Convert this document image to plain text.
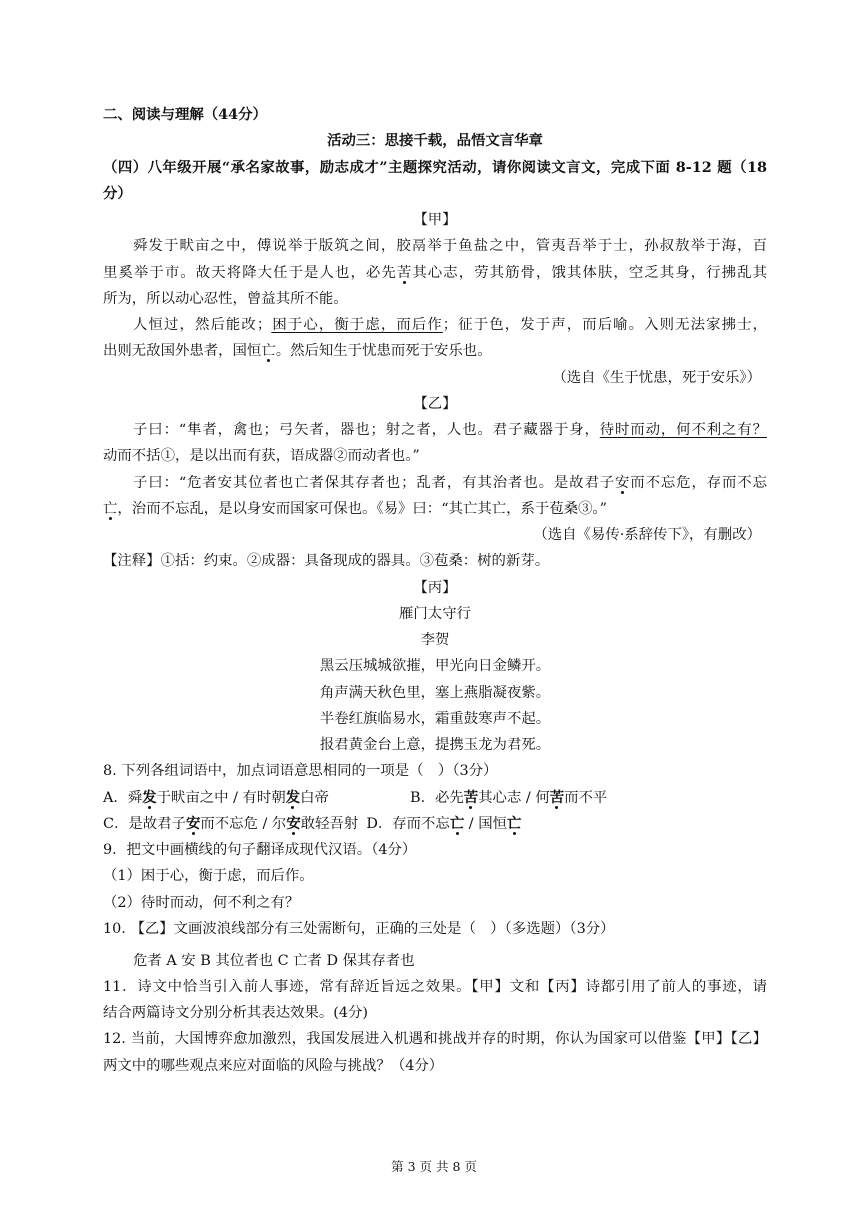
二、阅读与理解（44分）
活动三：思接千载，品悟文言华章
（四）八年级开展“承名家故事，励志成才”主题探究活动，请你阅读文言文，完成下面 8-12 题（18
分）
【甲】
舜发于畎亩之中，傅说举于版筑之间，胶鬲举于鱼盐之中，管夷吾举于士，孙叔敖举于海，百
里奚举于市。故天将降大任于是人也，必先苦其心志，劳其筋骨，饿其体肤，空乏其身，行拂乱其
所为，所以动心忍性，曾益其所不能。
人恒过，然后能改；困于心，衡于虑，而后作；征于色，发于声，而后喻。入则无法家拂士，
出则无敌国外患者，国恒亡。然后知生于忧患而死于安乐也。
（选自《生于忧患，死于安乐》）
【乙】
子曰：“隼者，禽也；弓矢者，器也；射之者，人也。君子藏器于身，待时而动，何不利之有？
动而不括①，是以出而有获，语成器②而动者也。”
子曰：“危者安其位者也亡者保其存者也；乱者，有其治者也。是故君子安而不忘危，存而不忘
亡，治而不忘乱，是以身安而国家可保也。《易》曰：“其亡其亡，系于苞桑③。”
（选自《易传·系辞传下》，有删改）
【注释】①括：约束。②成器：具备现成的器具。③苞桑：树的新芽。
【丙】
雁门太守行
李贺
黑云压城城欲摧，甲光向日金鳞开。
角声满天秋色里，塞上燕脂凝夜紫。
半卷红旗临易水，霜重鼓寒声不起。
报君黄金台上意，提携玉龙为君死。
8. 下列各组词语中，加点词语意思相同的一项是（　）（3分）
A．舜发于畎亩之中 / 有时朝发白帝	B．必先苦其心志 / 何苦而不平
C．是故君子安而不忘危 / 尔安敢轻吾射 D．存而不忘亡 / 国恒亡
9．把文中画横线的句子翻译成现代汉语。（4分）
（1）困于心，衡于虑，而后作。
（2）待时而动，何不利之有？
10. 【乙】文画波浪线部分有三处需断句，正确的三处是（　）（多选题）（3分）
危者 A 安 B 其位者也 C 亡者 D 保其存者也
11．诗文中恰当引入前人事迹，常有辞近旨远之效果。【甲】文和【丙】诗都引用了前人的事迹，请
结合两篇诗文分别分析其表达效果。(4分)
12. 当前，大国博弈愈加激烈，我国发展进入机遇和挑战并存的时期，你认为国家可以借鉴【甲】【乙】
两文中的哪些观点来应对面临的风险与挑战？（4分）
第 3 页 共 8 页
